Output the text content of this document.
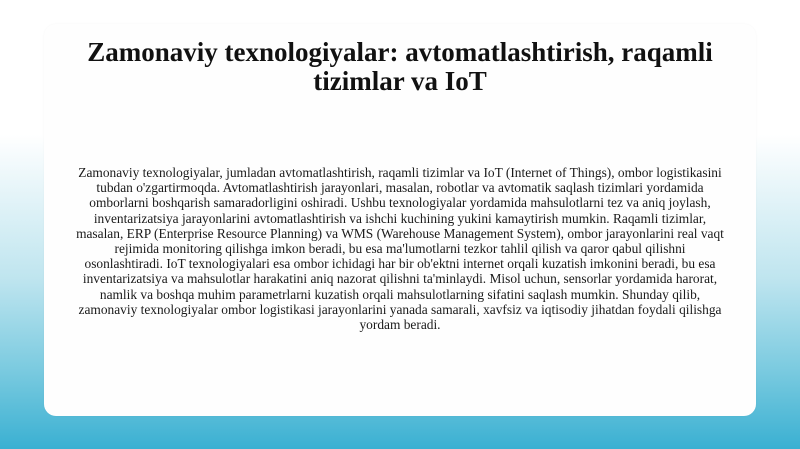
Zamonaviy texnologiyalar: avtomatlashtirish, raqamli tizimlar va IoT

Zamonaviy texnologiyalar, jumladan avtomatlashtirish, raqamli tizimlar va IoT (Internet of Things), ombor logistikasini tubdan o'zgartirmoqda. Avtomatlashtirish jarayonlari, masalan, robotlar va avtomatik saqlash tizimlari yordamida omborlarni boshqarish samaradorligini oshiradi. Ushbu texnologiyalar yordamida mahsulotlarni tez va aniq joylash, inventarizatsiya jarayonlarini avtomatlashtirish va ishchi kuchining yukini kamaytirish mumkin. Raqamli tizimlar, masalan, ERP (Enterprise Resource Planning) va WMS (Warehouse Management System), ombor jarayonlarini real vaqt rejimida monitoring qilishga imkon beradi, bu esa ma'lumotlarni tezkor tahlil qilish va qaror qabul qilishni osonlashtiradi. IoT texnologiyalari esa ombor ichidagi har bir ob'ektni internet orqali kuzatish imkonini beradi, bu esa inventarizatsiya va mahsulotlar harakatini aniq nazorat qilishni ta'minlaydi. Misol uchun, sensorlar yordamida harorat, namlik va boshqa muhim parametrlarni kuzatish orqali mahsulotlarning sifatini saqlash mumkin. Shunday qilib, zamonaviy texnologiyalar ombor logistikasi jarayonlarini yanada samarali, xavfsiz va iqtisodiy jihatdan foydali qilishga yordam beradi.
